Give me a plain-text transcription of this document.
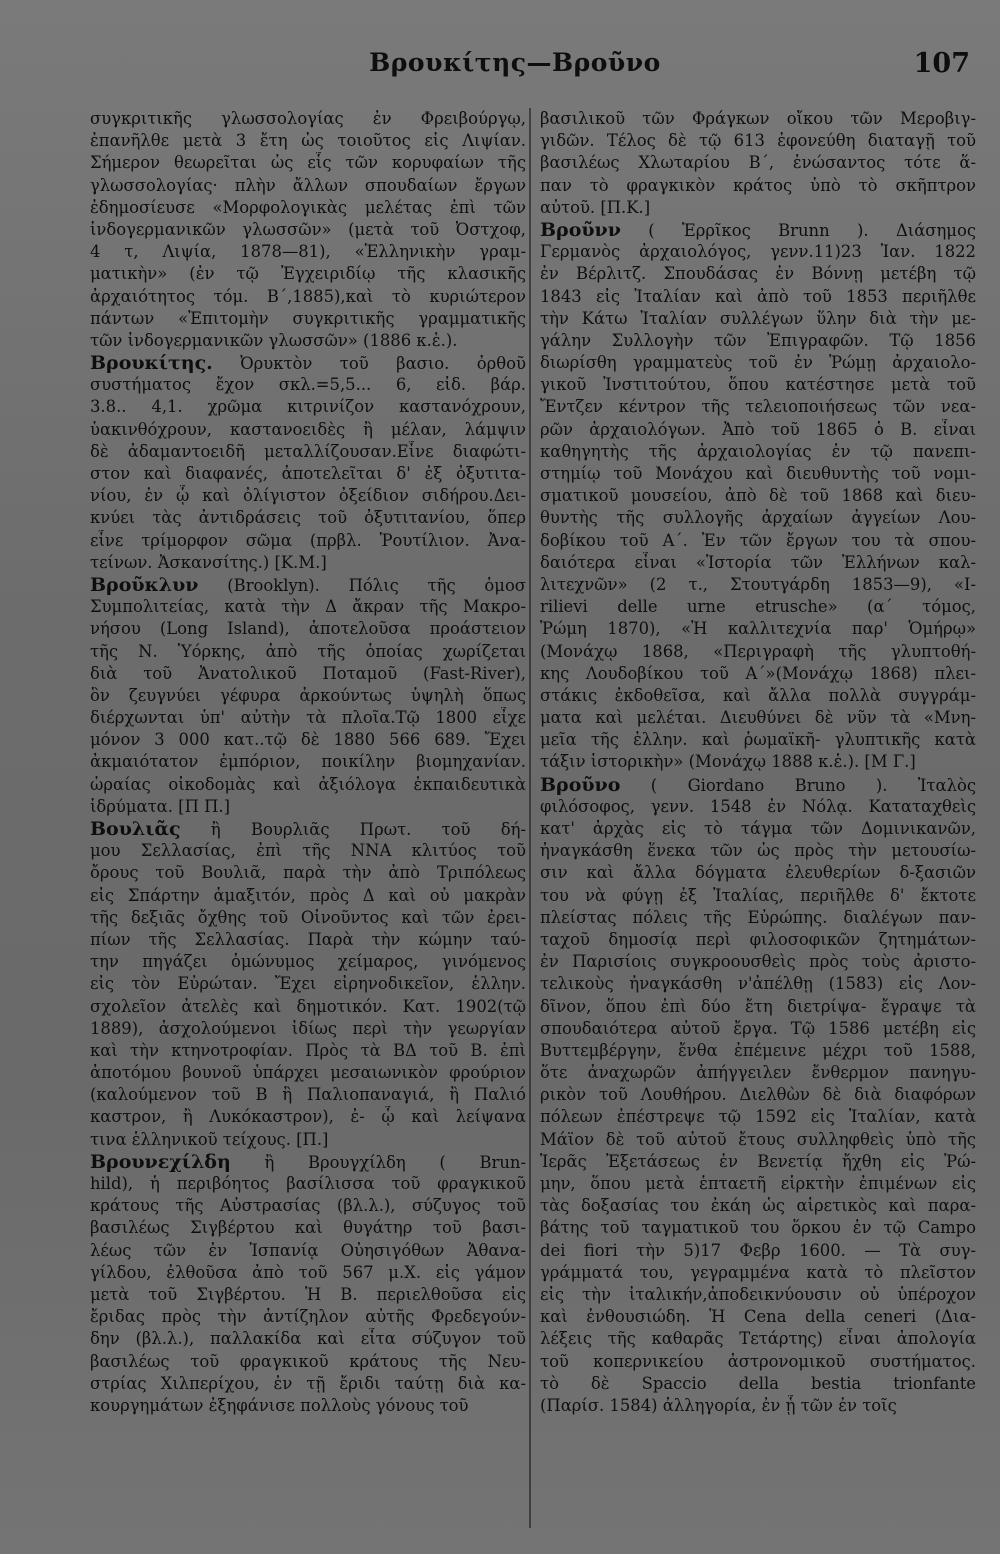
Βρουκίτης—Βροῦνο	107
συγκριτικῆς γλωσσολογίας ἐν Φρειβούργῳ,
ἐπανῆλθε μετὰ 3 ἔτη ὡς τοιοῦτος εἰς Λιψίαν.
Σήμερον θεωρεῖται ὡς εἷς τῶν κορυφαίων τῆς
γλωσσολογίας· πλὴν ἄλλων σπουδαίων ἔργων
ἐδημοσίευσε «Μορφολογικὰς μελέτας ἐπὶ τῶν
ἰνδογερμανικῶν γλωσσῶν» (μετὰ τοῦ Ὀστχοφ,
4 τ, Λιψία, 1878—81), «Ἑλληνικὴν γραμ-
ματικὴν» (ἐν τῷ Ἐγχειριδίῳ τῆς κλασικῆς
ἀρχαιότητος τόμ. Β΄,1885),καὶ τὸ κυριώτερον
πάντων «Ἐπιτομὴν συγκριτικῆς γραμματικῆς
τῶν ἰνδογερμανικῶν γλωσσῶν» (1886 κ.ἑ.).
Βρουκίτης. Ὀρυκτὸν τοῦ βασιο. ὀρθοῦ
συστήματος ἔχον σκλ.=5,5... 6, εἰδ. βάρ.
3.8.. 4,1. χρῶμα κιτρινίζον καστανόχρουν,
ὑακινθόχρουν, καστανοειδὲς ἢ μέλαν, λάμψιν
δὲ ἀδαμαντοειδῆ μεταλλίζουσαν.Εἶνε διαφώτι-
στον καὶ διαφανές, ἀποτελεῖται δ' ἐξ ὀξυτιτα-
νίου, ἐν ᾧ καὶ ὀλίγιστον ὀξείδιον σιδήρου.Δει-
κνύει τὰς ἀντιδράσεις τοῦ ὀξυτιτανίου, ὅπερ
εἶνε τρίμορφον σῶμα (πρβλ. Ῥουτίλιον. Ἀνα-
τείνων. Ἀσκανσίτης.) [Κ.Μ.]
Βροῦκλυν (Brooklyn). Πόλις τῆς ὁμοσ
Συμπολιτείας, κατὰ τὴν Δ ἄκραν τῆς Μακρο-
νήσου (Long Island), ἀποτελοῦσα προάστειον
τῆς Ν. Ὑόρκης, ἀπὸ τῆς ὁποίας χωρίζεται
διὰ τοῦ Ἀνατολικοῦ Ποταμοῦ (Fast-River),
ὃν ζευγνύει γέφυρα ἀρκούντως ὑψηλὴ ὅπως
διέρχωνται ὑπ' αὐτὴν τὰ πλοῖα.Τῷ 1800 εἶχε
μόνον 3 000 κατ..τῷ δὲ 1880 566 689. Ἔχει
ἀκμαιότατον ἐμπόριον, ποικίλην βιομηχανίαν.
ὡραίας οἰκοδομὰς καὶ ἀξιόλογα ἐκπαιδευτικὰ
ἱδρύματα. [Π Π.]
Βουλιᾶς ἢ Βουρλιᾶς Πρωτ. τοῦ δή-
μου Σελλασίας, ἐπὶ τῆς ΝΝΑ κλιτύος τοῦ
ὄρους τοῦ Βουλιᾶ, παρὰ τὴν ἀπὸ Τριπόλεως
εἰς Σπάρτην ἁμαξιτόν, πρὸς Δ καὶ οὐ μακρὰν
τῆς δεξιᾶς ὄχθης τοῦ Οἰνοῦντος καὶ τῶν ἐρει-
πίων τῆς Σελλασίας. Παρὰ τὴν κώμην ταύ-
την πηγάζει ὁμώνυμος χείμαρος, γινόμενος
εἰς τὸν Εὐρώταν. Ἔχει εἰρηνοδικεῖον, ἑλλην.
σχολεῖον ἀτελὲς καὶ δημοτικόν. Κατ. 1902(τῷ
1889), ἀσχολούμενοι ἰδίως περὶ τὴν γεωργίαν
καὶ τὴν κτηνοτροφίαν. Πρὸς τὰ ΒΔ τοῦ Β. ἐπὶ
ἀποτόμου βουνοῦ ὑπάρχει μεσαιωνικὸν φρούριον
(καλούμενον τοῦ Β ἢ Παλιοπαναγιά, ἢ Παλιό
καστρον, ἢ Λυκόκαστρον), ἐ- ᾧ καὶ λείψανα
τινα ἑλληνικοῦ τείχους. [Π.]
Βρουνεχίλδη ἢ Βρουγχίλδη ( Brun-
hild), ἡ περιβόητος βασίλισσα τοῦ φραγκικοῦ
κράτους τῆς Αὐστρασίας (βλ.λ.), σύζυγος τοῦ
βασιλέως Σιγβέρτου καὶ θυγάτηρ τοῦ βασι-
λέως τῶν ἐν Ἰσπανίᾳ Οὐησιγόθων Ἀθανα-
γίλδου, ἐλθοῦσα ἀπὸ τοῦ 567 μ.Χ. εἰς γάμον
μετὰ τοῦ Σιγβέρτου. Ἡ Β. περιελθοῦσα εἰς
ἔριδας πρὸς τὴν ἀντίζηλον αὐτῆς Φρεδεγούν-
δην (βλ.λ.), παλλακίδα καὶ εἶτα σύζυγον τοῦ
βασιλέως τοῦ φραγκικοῦ κράτους τῆς Νευ-
στρίας Χιλπερίχου, ἐν τῇ ἔριδι ταύτῃ διὰ κα-
κουργημάτων ἐξηφάνισε πολλοὺς γόνους τοῦ
βασιλικοῦ τῶν Φράγκων οἴκου τῶν Μεροβιγ-
γιδῶν. Τέλος δὲ τῷ 613 ἐφονεύθη διαταγῇ τοῦ
βασιλέως Χλωταρίου Β΄, ἑνώσαντος τότε ἅ-
παν τὸ φραγκικὸν κράτος ὑπὸ τὸ σκῆπτρον
αὐτοῦ. [Π.Κ.]
Βροῦνν ( Ἑρρῖκος Brunn ). Διάσημος
Γερμανὸς ἀρχαιολόγος, γενν.11)23 Ἰαν. 1822
ἐν Βέρλιτζ. Σπουδάσας ἐν Βόννῃ μετέβη τῷ
1843 εἰς Ἰταλίαν καὶ ἀπὸ τοῦ 1853 περιῆλθε
τὴν Κάτω Ἰταλίαν συλλέγων ὕλην διὰ τὴν με-
γάλην Συλλογὴν τῶν Ἐπιγραφῶν. Τῷ 1856
διωρίσθη γραμματεὺς τοῦ ἐν Ῥώμῃ ἀρχαιολο-
γικοῦ Ἰνστιτούτου, ὅπου κατέστησε μετὰ τοῦ
Ἔντζεν κέντρον τῆς τελειοποιήσεως τῶν νεα-
ρῶν ἀρχαιολόγων. Ἀπὸ τοῦ 1865 ὁ Β. εἶναι
καθηγητὴς τῆς ἀρχαιολογίας ἐν τῷ πανεπι-
στημίῳ τοῦ Μονάχου καὶ διευθυντὴς τοῦ νομι-
σματικοῦ μουσείου, ἀπὸ δὲ τοῦ 1868 καὶ διευ-
θυντὴς τῆς συλλογῆς ἀρχαίων ἀγγείων Λου-
δοβίκου τοῦ Α΄. Ἐν τῶν ἔργων του τὰ σπου-
δαιότερα εἶναι «Ἱστορία τῶν Ἑλλήνων καλ-
λιτεχνῶν» (2 τ., Στουτγάρδη 1853—9), «I-
rilievi delle urne etrusche» (α΄ τόμος,
Ῥώμη 1870), «Ἡ καλλιτεχνία παρ' Ὁμήρῳ»
(Μονάχῳ 1868, «Περιγραφὴ τῆς γλυπτοθή-
κης Λουδοβίκου τοῦ Α΄»(Μονάχῳ 1868) πλει-
στάκις ἐκδοθεῖσα, καὶ ἄλλα πολλὰ συγγράμ-
ματα καὶ μελέται. Διευθύνει δὲ νῦν τὰ «Μνη-
μεῖα τῆς ἑλλην. καὶ ῥωμαϊκῆ- γλυπτικῆς κατὰ
τάξιν ἱστορικὴν» (Μονάχῳ 1888 κ.ἑ.). [Μ Γ.]
Βροῦνο ( Giordano Bruno ). Ἰταλὸς
φιλόσοφος, γενν. 1548 ἐν Νόλᾳ. Καταταχθεὶς
κατ' ἀρχὰς εἰς τὸ τάγμα τῶν Δομινικανῶν,
ἠναγκάσθη ἕνεκα τῶν ὡς πρὸς τὴν μετουσίω-
σιν καὶ ἄλλα δόγματα ἐλευθερίων δ-ξασιῶν
του νὰ φύγῃ ἐξ Ἰταλίας, περιῆλθε δ' ἔκτοτε
πλείστας πόλεις τῆς Εὐρώπης. διαλέγων παν-
ταχοῦ δημοσίᾳ περὶ φιλοσοφικῶν ζητημάτων-
ἐν Παρισίοις συγκροουσθεὶς πρὸς τοὺς ἀριστο-
τελικοὺς ἠναγκάσθη ν'ἀπέλθῃ (1583) εἰς Λον-
δῖνον, ὅπου ἐπὶ δύο ἔτη διετρίψα- ἔγραψε τὰ
σπουδαιότερα αὐτοῦ ἔργα. Τῷ 1586 μετέβη εἰς
Βυττεμβέργην, ἔνθα ἐπέμεινε μέχρι τοῦ 1588,
ὅτε ἀναχωρῶν ἀπήγγειλεν ἔνθερμον πανηγυ-
ρικὸν τοῦ Λουθήρου. Διελθὼν δὲ διὰ διαφόρων
πόλεων ἐπέστρεψε τῷ 1592 εἰς Ἰταλίαν, κατὰ
Μάϊον δὲ τοῦ αὐτοῦ ἔτους συλληφθεὶς ὑπὸ τῆς
Ἱερᾶς Ἐξετάσεως ἐν Βενετίᾳ ἤχθη εἰς Ῥώ-
μην, ὅπου μετὰ ἑπταετῆ εἱρκτὴν ἐπιμένων εἰς
τὰς δοξασίας του ἐκάη ὡς αἱρετικὸς καὶ παρα-
βάτης τοῦ ταγματικοῦ του ὅρκου ἐν τῷ Campo
dei fiori τὴν 5)17 Φεβρ 1600. — Τὰ συγ-
γράμματά του, γεγραμμένα κατὰ τὸ πλεῖστον
εἰς τὴν ἰταλικήν,ἀποδεικνύουσιν οὐ ὑπέροχον
καὶ ἐνθουσιώδη. Ἡ Cena della ceneri (Δια-
λέξεις τῆς καθαρᾶς Τετάρτης) εἶναι ἀπολογία
τοῦ κοπερνικείου ἀστρονομικοῦ συστήματος.
τὸ δὲ Spaccio della bestia trionfante
(Παρίσ. 1584) ἀλληγορία, ἐν ᾗ τῶν ἐν τοῖς
